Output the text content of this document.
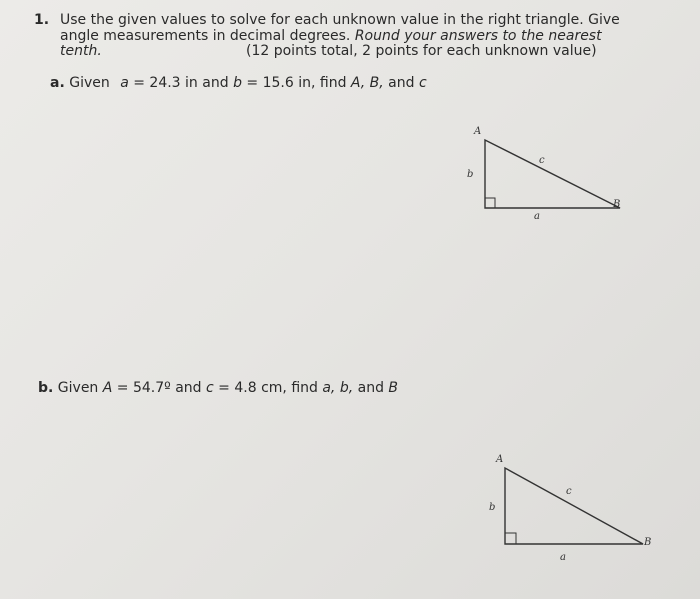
1. Use the given values to solve for each unknown value in the right triangle. Give
angle measurements in decimal degrees. Round your answers to the nearest
tenth.	(12 points total, 2 points for each unknown value)
a. Given a = 24.3 in and b = 15.6 in, find A, B, and c
A
b
c
a
B
b. Given A = 54.7º and c = 4.8 cm, find a, b, and B
A
b
c
a
B
